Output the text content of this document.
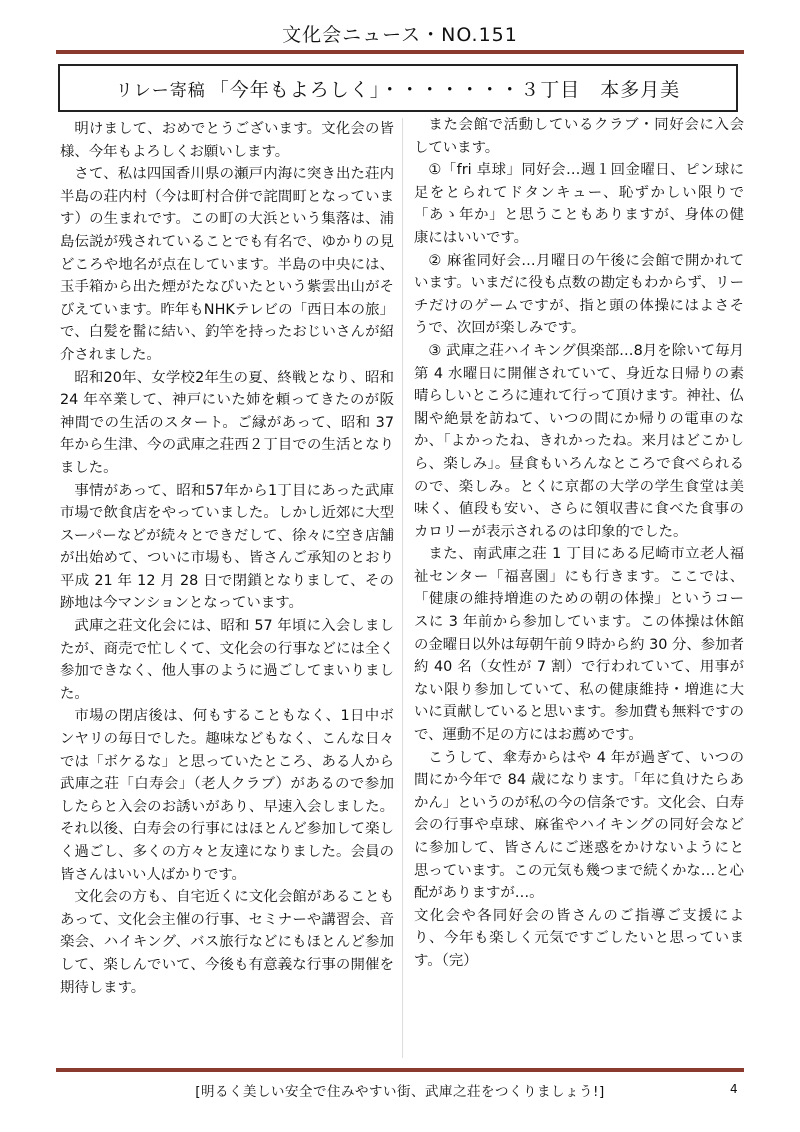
文化会ニュース・NO.151
リレー寄稿 「今年もよろしく」・・・・・・・３丁目　本多月美

明けまして、おめでとうございます。文化会の皆様、今年もよろしくお願いします。

さて、私は四国香川県の瀬戸内海に突き出た荘内半島の荘内村（今は町村合併で詫間町となっています）の生まれです。この町の大浜という集落は、浦島伝説が残されていることでも有名で、ゆかりの見どころや地名が点在しています。半島の中央には、玉手箱から出た煙がたなびいたという紫雲出山がそびえています。昨年もNHKテレビの「西日本の旅」で、白髪を髷に結い、釣竿を持ったおじいさんが紹介されました。

昭和20年、女学校2年生の夏、終戦となり、昭和 24 年卒業して、神戸にいた姉を頼ってきたのが阪神間での生活のスタート。ご縁があって、昭和 37 年から生津、今の武庫之荘西２丁目での生活となりました。

事情があって、昭和57年から1丁目にあった武庫市場で飲食店をやっていました。しかし近郊に大型スーパーなどが続々とできだして、徐々に空き店舗が出始めて、ついに市場も、皆さんご承知のとおり平成 21 年 12 月 28 日で閉鎖となりまして、その跡地は今マンションとなっています。

武庫之荘文化会には、昭和 57 年頃に入会しましたが、商売で忙しくて、文化会の行事などには全く参加できなく、他人事のように過ごしてまいりました。

市場の閉店後は、何もすることもなく、1日中ボンヤリの毎日でした。趣味などもなく、こんな日々では「ボケるな」と思っていたところ、ある人から武庫之荘「白寿会」（老人クラブ）があるので参加したらと入会のお誘いがあり、早速入会しました。それ以後、白寿会の行事にはほとんど参加して楽しく過ごし、多くの方々と友達になりました。会員の皆さんはいい人ばかりです。

文化会の方も、自宅近くに文化会館があることもあって、文化会主催の行事、セミナーや講習会、音楽会、ハイキング、バス旅行などにもほとんど参加して、楽しんでいて、今後も有意義な行事の開催を期待します。

また会館で活動しているクラブ・同好会に入会しています。

①「fri 卓球」同好会…週１回金曜日、ピン球に足をとられてドタンキュー、恥ずかしい限りで「あゝ年か」と思うこともありますが、身体の健康にはいいです。

② 麻雀同好会…月曜日の午後に会館で開かれています。いまだに役も点数の勘定もわからず、リーチだけのゲームですが、指と頭の体操にはよさそうで、次回が楽しみです。

③ 武庫之荘ハイキング倶楽部…8月を除いて毎月第 4 水曜日に開催されていて、身近な日帰りの素晴らしいところに連れて行って頂けます。神社、仏閣や絶景を訪ねて、いつの間にか帰りの電車のなか、「よかったね、きれかったね。来月はどこかしら、楽しみ」。昼食もいろんなところで食べられるので、楽しみ。とくに京都の大学の学生食堂は美味く、値段も安い、さらに領収書に食べた食事のカロリーが表示されるのは印象的でした。

また、南武庫之荘 1 丁目にある尼崎市立老人福祉センター「福喜園」にも行きます。ここでは、「健康の維持増進のための朝の体操」というコースに 3 年前から参加しています。この体操は休館の金曜日以外は毎朝午前９時から約 30 分、参加者約 40 名（女性が 7 割）で行われていて、用事がない限り参加していて、私の健康維持・増進に大いに貢献していると思います。参加費も無料ですので、運動不足の方にはお薦めです。

こうして、傘寿からはや 4 年が過ぎて、いつの間にか今年で 84 歳になります。「年に負けたらあかん」というのが私の今の信条です。文化会、白寿会の行事や卓球、麻雀やハイキングの同好会などに参加して、皆さんにご迷惑をかけないようにと思っています。この元気も幾つまで続くかな…と心配がありますが…。

文化会や各同好会の皆さんのご指導ご支援により、今年も楽しく元気ですごしたいと思っています。（完）

[明るく美しい安全で住みやすい街、武庫之荘をつくりましょう!]	4
